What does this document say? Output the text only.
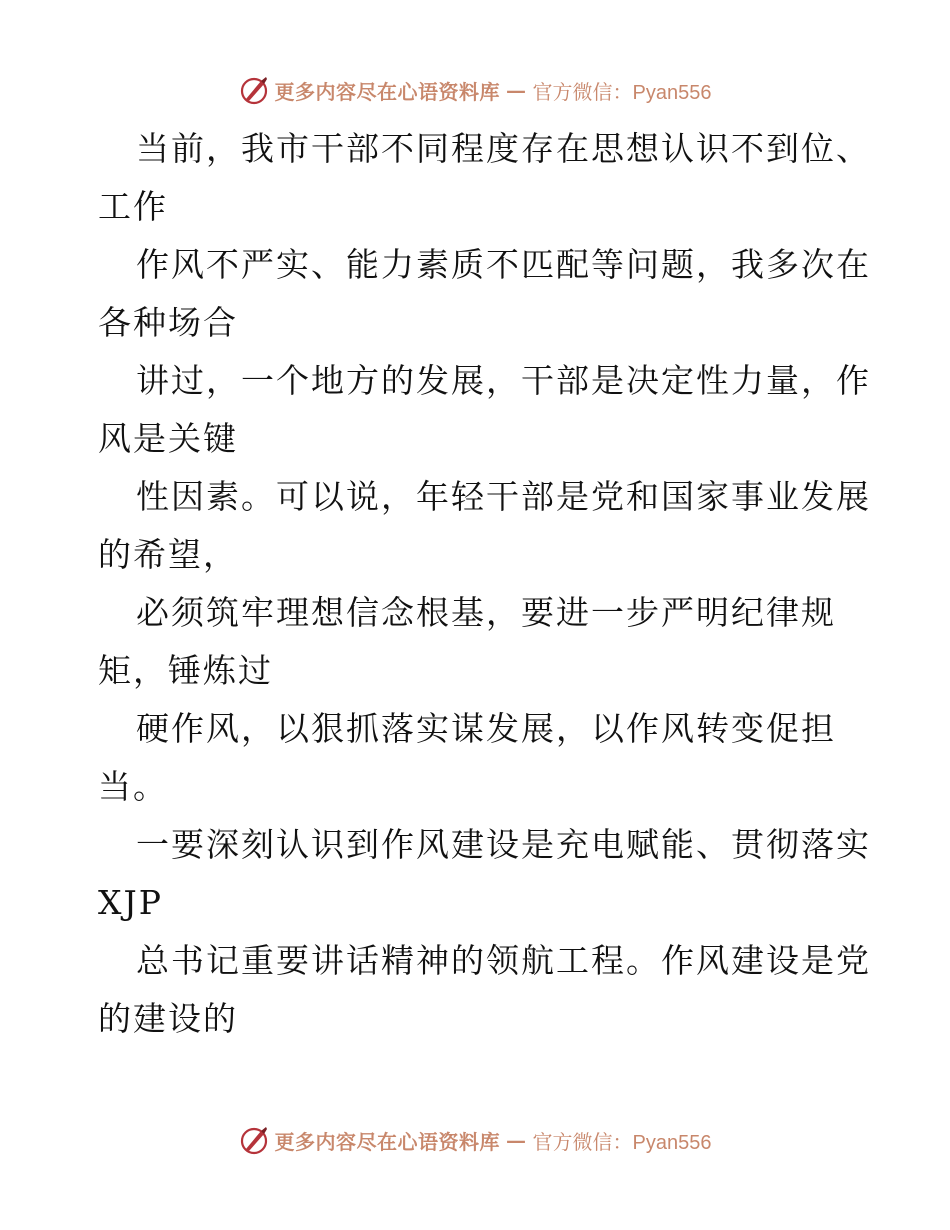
更多内容尽在心语资料库 — 官方微信：Pyan556

当前，我市干部不同程度存在思想认识不到位、
工作

作风不严实、能力素质不匹配等问题，我多次在
各种场合

讲过，一个地方的发展，干部是决定性力量，作
风是关键

性因素。可以说，年轻干部是党和国家事业发展
的希望，

必须筑牢理想信念根基，要进一步严明纪律规
矩，锤炼过

硬作风，以狠抓落实谋发展，以作风转变促担
当。

一要深刻认识到作风建设是充电赋能、贯彻落实
XJP

总书记重要讲话精神的领航工程。作风建设是党
的建设的

更多内容尽在心语资料库 — 官方微信：Pyan556
